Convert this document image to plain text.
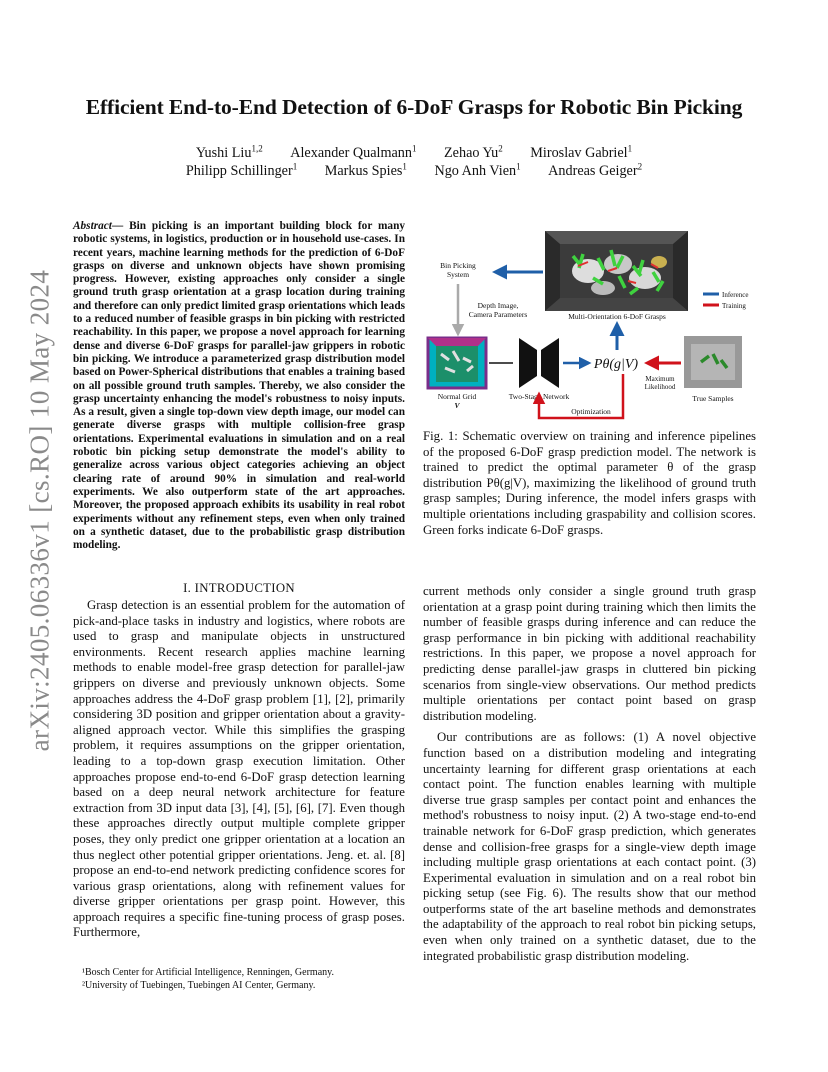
arXiv:2405.06336v1 [cs.RO] 10 May 2024
Efficient End-to-End Detection of 6-DoF Grasps for Robotic Bin Picking
Yushi Liu$^{1,2}$ Alexander Qualmann$^1$ Zehao Yu$^2$ Miroslav Gabriel$^1$
Philipp Schillinger$^1$ Markus Spies$^1$ Ngo Anh Vien$^1$ Andreas Geiger$^2$
Abstract— Bin picking is an important building block for many robotic systems, in logistics, production or in household use-cases. In recent years, machine learning methods for the prediction of 6-DoF grasps on diverse and unknown objects have shown promising progress. However, existing approaches only consider a single ground truth grasp orientation at a grasp location during training and therefore can only predict limited grasp orientations which leads to a reduced number of feasible grasps in bin picking with restricted reachability. In this paper, we propose a novel approach for learning dense and diverse 6-DoF grasps for parallel-jaw grippers in robotic bin picking. We introduce a parameterized grasp distribution model based on Power-Spherical distributions that enables a training based on all possible ground truth samples. Thereby, we also consider the grasp uncertainty enhancing the model's robustness to noisy inputs. As a result, given a single top-down view depth image, our model can generate diverse grasps with multiple collision-free grasp orientations. Experimental evaluations in simulation and on a real robotic bin picking setup demonstrate the model's ability to generalize across various object categories achieving an object clearing rate of around 90% in simulation and real-world experiments. We also outperform state of the art approaches. Moreover, the proposed approach exhibits its usability in real robot experiments without any refinement steps, even when only trained on a synthetic dataset, due to the probabilistic grasp distribution modeling.
I. INTRODUCTION

Grasp detection is an essential problem for the automation of pick-and-place tasks in industry and logistics, where robots are used to grasp and manipulate objects in unstructured environments. Recent research applies machine learning methods to enable model-free grasp detection for parallel-jaw grippers on diverse and previously unknown objects. Some approaches address the 4-DoF grasp problem [1], [2], primarily considering 3D position and gripper orientation about a gravity-aligned approach vector. While this simplifies the grasping problem, it requires assumptions on the gripper orientation, leading to a top-down grasp execution limitation. Other approaches propose end-to-end 6-DoF grasp detection learning based on a deep neural network architecture for feature extraction from 3D input data [3], [4], [5], [6], [7]. Even though these approaches directly output multiple complete gripper poses, they only predict one gripper orientation at a location an thus neglect other potential gripper orientations. Jeng. et. al. [8] propose an end-to-end network predicting confidence scores for various grasp orientations, along with refinement values for diverse gripper orientations per grasp point. However, this approach requires a specific fine-tuning process of grasp poses. Furthermore,

¹Bosch Center for Artificial Intelligence, Renningen, Germany.
²University of Tuebingen, Tuebingen AI Center, Germany.
Bin Picking
System
Depth Image,
Camera Parameters	Multi-Orientation 6-DoF Grasps
Inference
Training
Normal Grid
V
Two-Stage Network
Pθ(g|V)
True Samples
Maximum
Likelihood
Optimization
Fig. 1: Schematic overview on training and inference pipelines of the proposed 6-DoF grasp prediction model. The network is trained to predict the optimal parameter θ of the grasp distribution Pθ(g|V), maximizing the likelihood of ground truth grasp samples; During inference, the model infers grasps with multiple orientations including graspability and collision scores. Green forks indicate 6-DoF grasps.

current methods only consider a single ground truth grasp orientation at a grasp point during training which then limits the number of feasible grasps during inference and can reduce the grasp performance in bin picking with additional reachability restrictions. In this paper, we propose a novel approach for predicting dense parallel-jaw grasps in cluttered bin picking scenarios from single-view observations. Our method predicts multiple orientations per contact point based on grasp distribution modeling.

Our contributions are as follows: (1) A novel objective function based on a distribution modeling and integrating uncertainty learning for different grasp orientations at each contact point. The function enables learning with multiple diverse true grasp samples per contact point and enhances the method's robustness to noisy input. (2) A two-stage end-to-end trainable network for 6-DoF grasp prediction, which generates dense and collision-free grasps for a single-view depth image including multiple grasp orientations at each contact point. (3) Experimental evaluation in simulation and on a real robot bin picking setup (see Fig. 6). The results show that our method outperforms state of the art baseline methods and demonstrates the adaptability of the approach to real robot bin picking setups, even when only trained on a synthetic dataset, due to the integrated probabilistic grasp distribution modeling.
